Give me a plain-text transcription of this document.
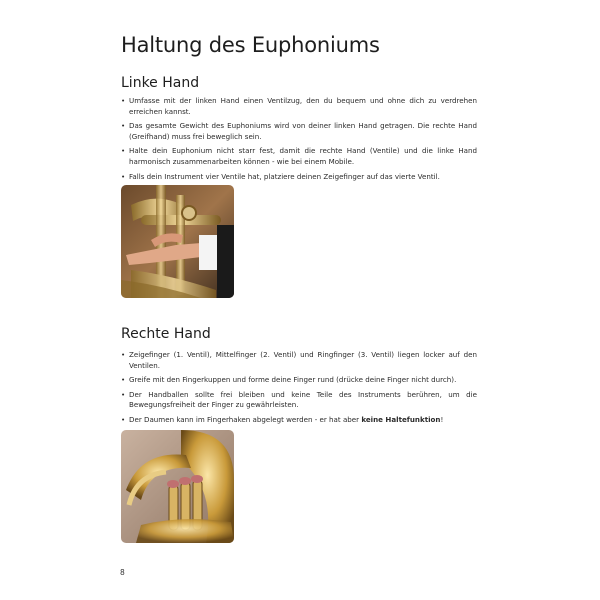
Haltung des Euphoniums
Linke Hand
• Umfasse mit der linken Hand einen Ventilzug, den du bequem und ohne dich zu verdrehen erreichen kannst.
• Das gesamte Gewicht des Euphoniums wird von deiner linken Hand getragen. Die rechte Hand (Greifhand) muss frei beweglich sein.
• Halte dein Euphonium nicht starr fest, damit die rechte Hand (Ventile) und die linke Hand harmonisch zusammenarbeiten können - wie bei einem Mobile.
• Falls dein Instrument vier Ventile hat, platziere deinen Zeigefinger auf das vierte Ventil.
Rechte Hand
• Zeigefinger (1. Ventil), Mittelfinger (2. Ventil) und Ringfinger (3. Ventil) liegen locker auf den Ventilen.
• Greife mit den Fingerkuppen und forme deine Finger rund (drücke deine Finger nicht durch).
• Der Handballen sollte frei bleiben und keine Teile des Instruments berühren, um die Bewegungsfreiheit der Finger zu gewährleisten.
• Der Daumen kann im Fingerhaken abgelegt werden - er hat aber keine Haltefunktion!
8
